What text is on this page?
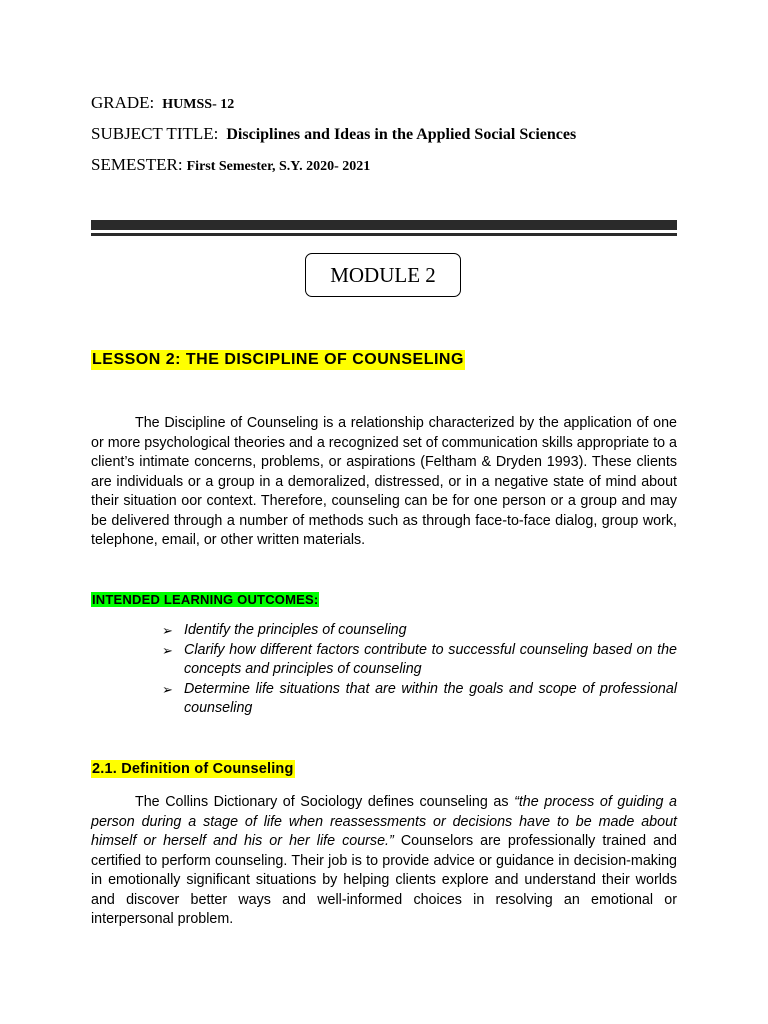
GRADE: HUMSS- 12
SUBJECT TITLE: Disciplines and Ideas in the Applied Social Sciences
SEMESTER: First Semester, S.Y. 2020- 2021
MODULE 2
LESSON 2: THE DISCIPLINE OF COUNSELING

The Discipline of Counseling is a relationship characterized by the application of one or more psychological theories and a recognized set of communication skills appropriate to a client’s intimate concerns, problems, or aspirations (Feltham & Dryden 1993). These clients are individuals or a group in a demoralized, distressed, or in a negative state of mind about their situation oor context. Therefore, counseling can be for one person or a group and may be delivered through a number of methods such as through face-to-face dialog, group work, telephone, email, or other written materials.

INTENDED LEARNING OUTCOMES:
➢ Identify the principles of counseling
➢ Clarify how different factors contribute to successful counseling based on the concepts and principles of counseling
➢ Determine life situations that are within the goals and scope of professional counseling
2.1. Definition of Counseling

The Collins Dictionary of Sociology defines counseling as “the process of guiding a person during a stage of life when reassessments or decisions have to be made about himself or herself and his or her life course.” Counselors are professionally trained and certified to perform counseling. Their job is to provide advice or guidance in decision-making in emotionally significant situations by helping clients explore and understand their worlds and discover better ways and well-informed choices in resolving an emotional or interpersonal problem.
